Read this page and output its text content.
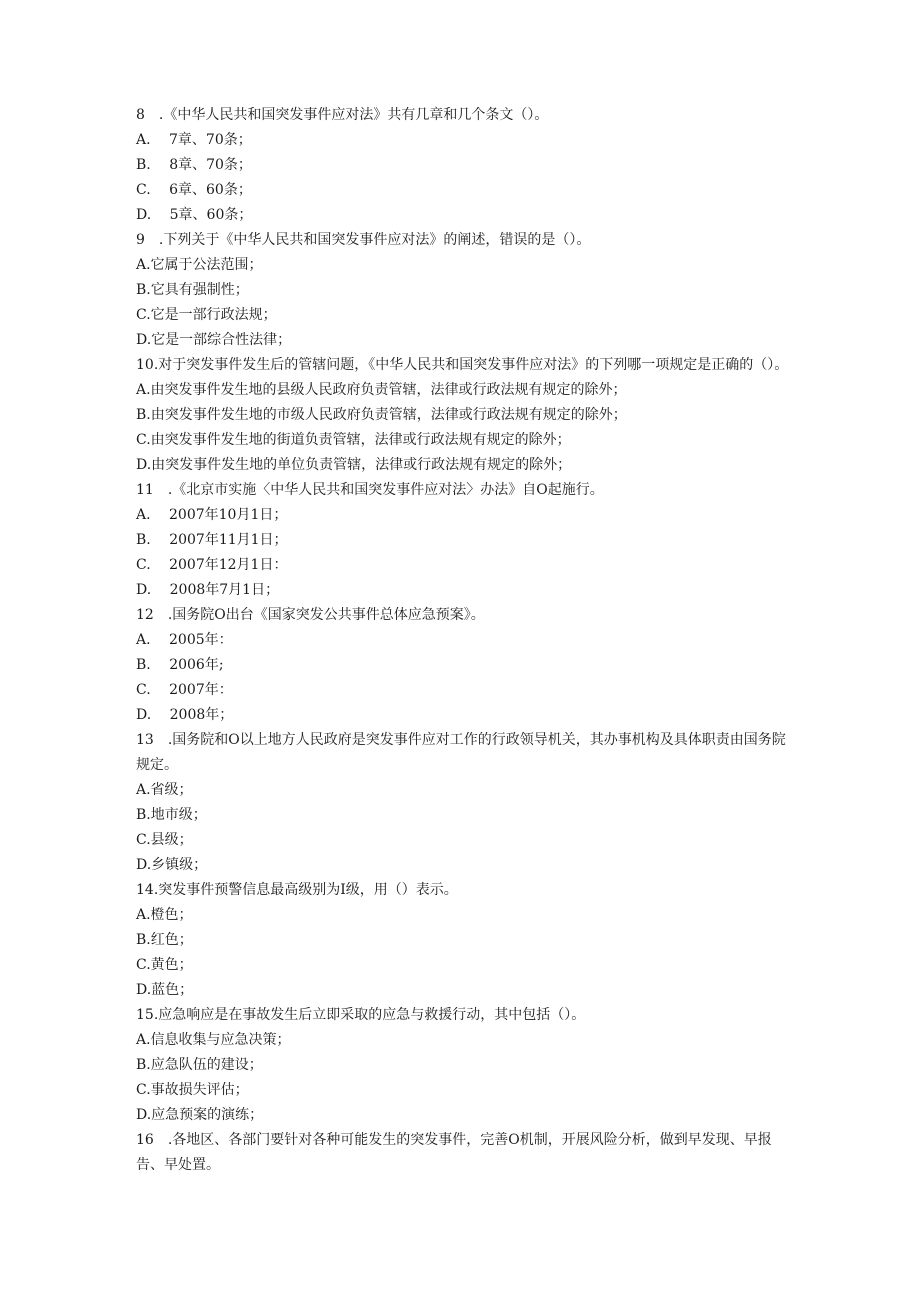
8　.《中华人民共和国突发事件应对法》共有几章和几个条文（）。
A.　 7章、70条；
B.　 8章、70条；
C.　 6章、60条；
D.　 5章、60条；
9　.下列关于《中华人民共和国突发事件应对法》的阐述，错误的是（）。
A.它属于公法范围；
B.它具有强制性；
C.它是一部行政法规；
D.它是一部综合性法律；
10.对于突发事件发生后的管辖问题，《中华人民共和国突发事件应对法》的下列哪一项规定是正确的（）。
A.由突发事件发生地的县级人民政府负责管辖，法律或行政法规有规定的除外；
B.由突发事件发生地的市级人民政府负责管辖，法律或行政法规有规定的除外；
C.由突发事件发生地的街道负责管辖，法律或行政法规有规定的除外；
D.由突发事件发生地的单位负责管辖，法律或行政法规有规定的除外；
11　.《北京市实施〈中华人民共和国突发事件应对法〉办法》自O起施行。
A.　 2007年10月1日；
B.　 2007年11月1日；
C.　 2007年12月1日：
D.　 2008年7月1日；
12　.国务院O出台《国家突发公共事件总体应急预案》。
A.　 2005年：
B.　 2006年;
C.　 2007年：
D.　 2008年；
13　.国务院和O以上地方人民政府是突发事件应对工作的行政领导机关，其办事机构及具体职责由国务院规定。
A.省级；
B.地市级；
C.县级；
D.乡镇级；
14.突发事件预警信息最高级别为I级，用（）表示。
A.橙色；
B.红色；
C.黄色；
D.蓝色；
15.应急响应是在事故发生后立即采取的应急与救援行动，其中包括（）。
A.信息收集与应急决策；
B.应急队伍的建设；
C.事故损失评估；
D.应急预案的演练；
16　.各地区、各部门要针对各种可能发生的突发事件，完善O机制，开展风险分析，做到早发现、早报告、早处置。
